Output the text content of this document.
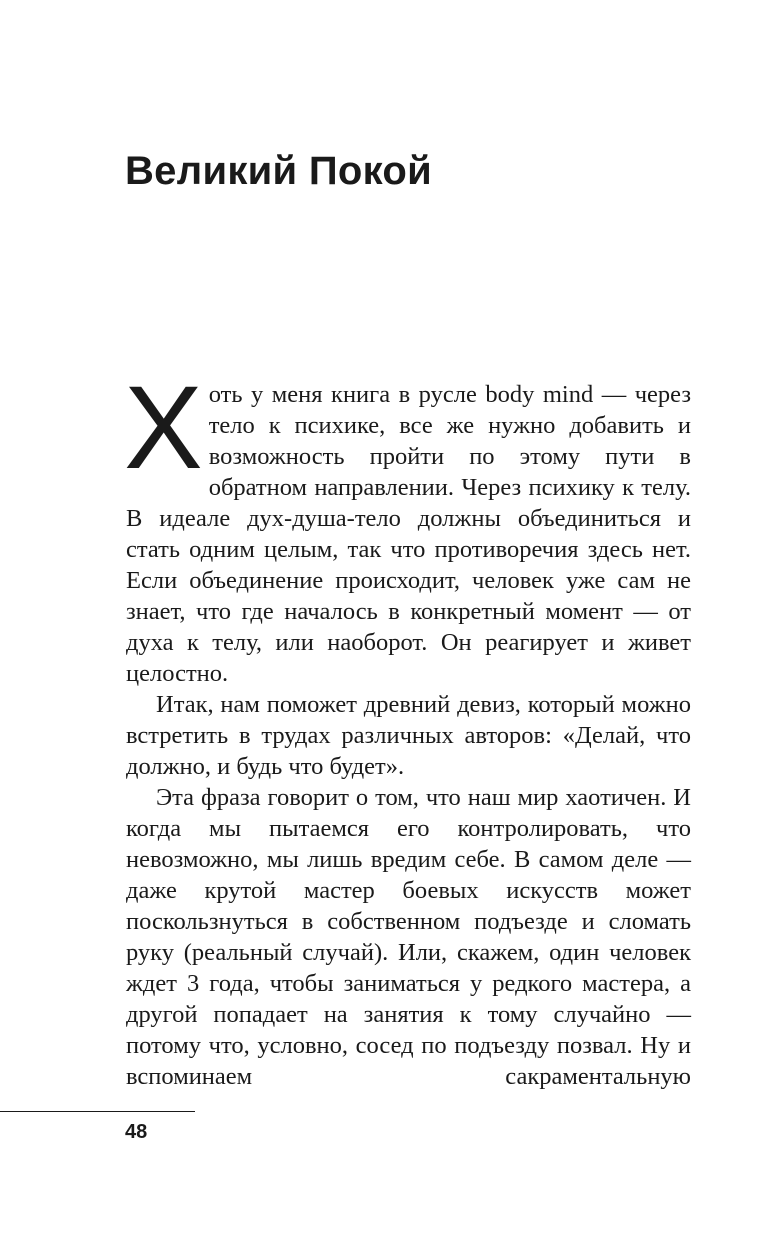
Великий Покой

Хоть у меня книга в русле body mind — через тело к психике, все же нужно добавить и возможность пройти по этому пути в обратном направлении. Через психику к телу. В идеале дух-душа-тело должны объединиться и стать одним целым, так что противоречия здесь нет. Если объединение происходит, человек уже сам не знает, что где началось в конкретный момент — от духа к телу, или наоборот. Он реагирует и живет целостно.

Итак, нам поможет древний девиз, который можно встретить в трудах различных авторов: «Делай, что должно, и будь что будет».

Эта фраза говорит о том, что наш мир хаотичен. И когда мы пытаемся его контролировать, что невозможно, мы лишь вредим себе. В самом деле — даже крутой мастер боевых искусств может поскользнуться в собственном подъезде и сломать руку (реальный случай). Или, скажем, один человек ждет 3 года, чтобы заниматься у редкого мастера, а другой попадает на занятия к тому случайно — потому что, условно, сосед по подъезду позвал. Ну и вспоминаем сакраментальную

48
